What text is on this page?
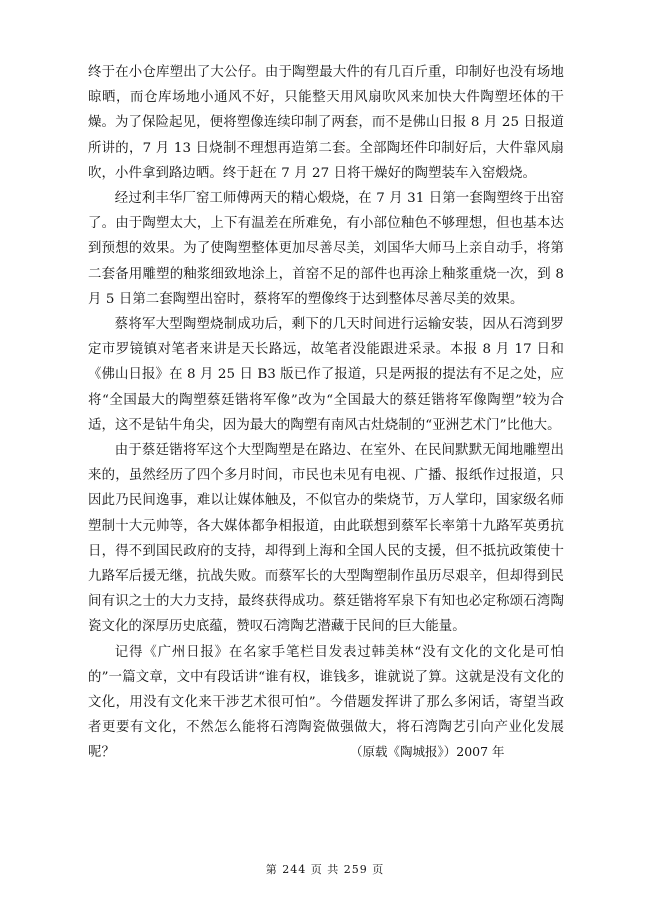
终于在小仓库塑出了大公仔。由于陶塑最大件的有几百斤重，印制好也没有场地晾晒，而仓库场地小通风不好，只能整天用风扇吹风来加快大件陶塑坯体的干燥。为了保险起见，便将塑像连续印制了两套，而不是佛山日报 8 月 25 日报道所讲的，7 月 13 日烧制不理想再造第二套。全部陶坯件印制好后，大件靠风扇吹，小件拿到路边晒。终于赶在 7 月 27 日将干燥好的陶塑装车入窑煅烧。

经过利丰华厂窑工师傅两天的精心煅烧，在 7 月 31 日第一套陶塑终于出窑了。由于陶塑太大，上下有温差在所难免，有小部位釉色不够理想，但也基本达到预想的效果。为了使陶塑整体更加尽善尽美，刘国华大师马上亲自动手，将第二套备用雕塑的釉浆细致地涂上，首窑不足的部件也再涂上釉浆重烧一次，到 8 月 5 日第二套陶塑出窑时，蔡将军的塑像终于达到整体尽善尽美的效果。

蔡将军大型陶塑烧制成功后，剩下的几天时间进行运输安装，因从石湾到罗定市罗镜镇对笔者来讲是天长路远，故笔者没能跟进采录。本报 8 月 17 日和《佛山日报》在 8 月 25 日 B3 版已作了报道，只是两报的提法有不足之处，应将“全国最大的陶塑蔡廷锴将军像”改为“全国最大的蔡廷锴将军像陶塑”较为合适，这不是钻牛角尖，因为最大的陶塑有南风古灶烧制的“亚洲艺术门”比他大。

由于蔡廷锴将军这个大型陶塑是在路边、在室外、在民间默默无闻地雕塑出来的，虽然经历了四个多月时间，市民也未见有电视、广播、报纸作过报道，只因此乃民间逸事，难以让媒体触及，不似官办的柴烧节，万人掌印，国家级名师塑制十大元帅等，各大媒体都争相报道，由此联想到蔡军长率第十九路军英勇抗日，得不到国民政府的支持，却得到上海和全国人民的支援，但不抵抗政策使十九路军后援无继，抗战失败。而蔡军长的大型陶塑制作虽历尽艰辛，但却得到民间有识之士的大力支持，最终获得成功。蔡廷锴将军泉下有知也必定称颂石湾陶瓷文化的深厚历史底蕴，赞叹石湾陶艺潜藏于民间的巨大能量。

记得《广州日报》在名家手笔栏目发表过韩美林“没有文化的文化是可怕的”一篇文章，文中有段话讲“谁有权，谁钱多，谁就说了算。这就是没有文化的文化，用没有文化来干涉艺术很可怕”。今借题发挥讲了那么多闲话，寄望当政者更要有文化，不然怎么能将石湾陶瓷做强做大，将石湾陶艺引向产业化发展呢？	（原载《陶城报》）2007 年
第 244 页 共 259 页
